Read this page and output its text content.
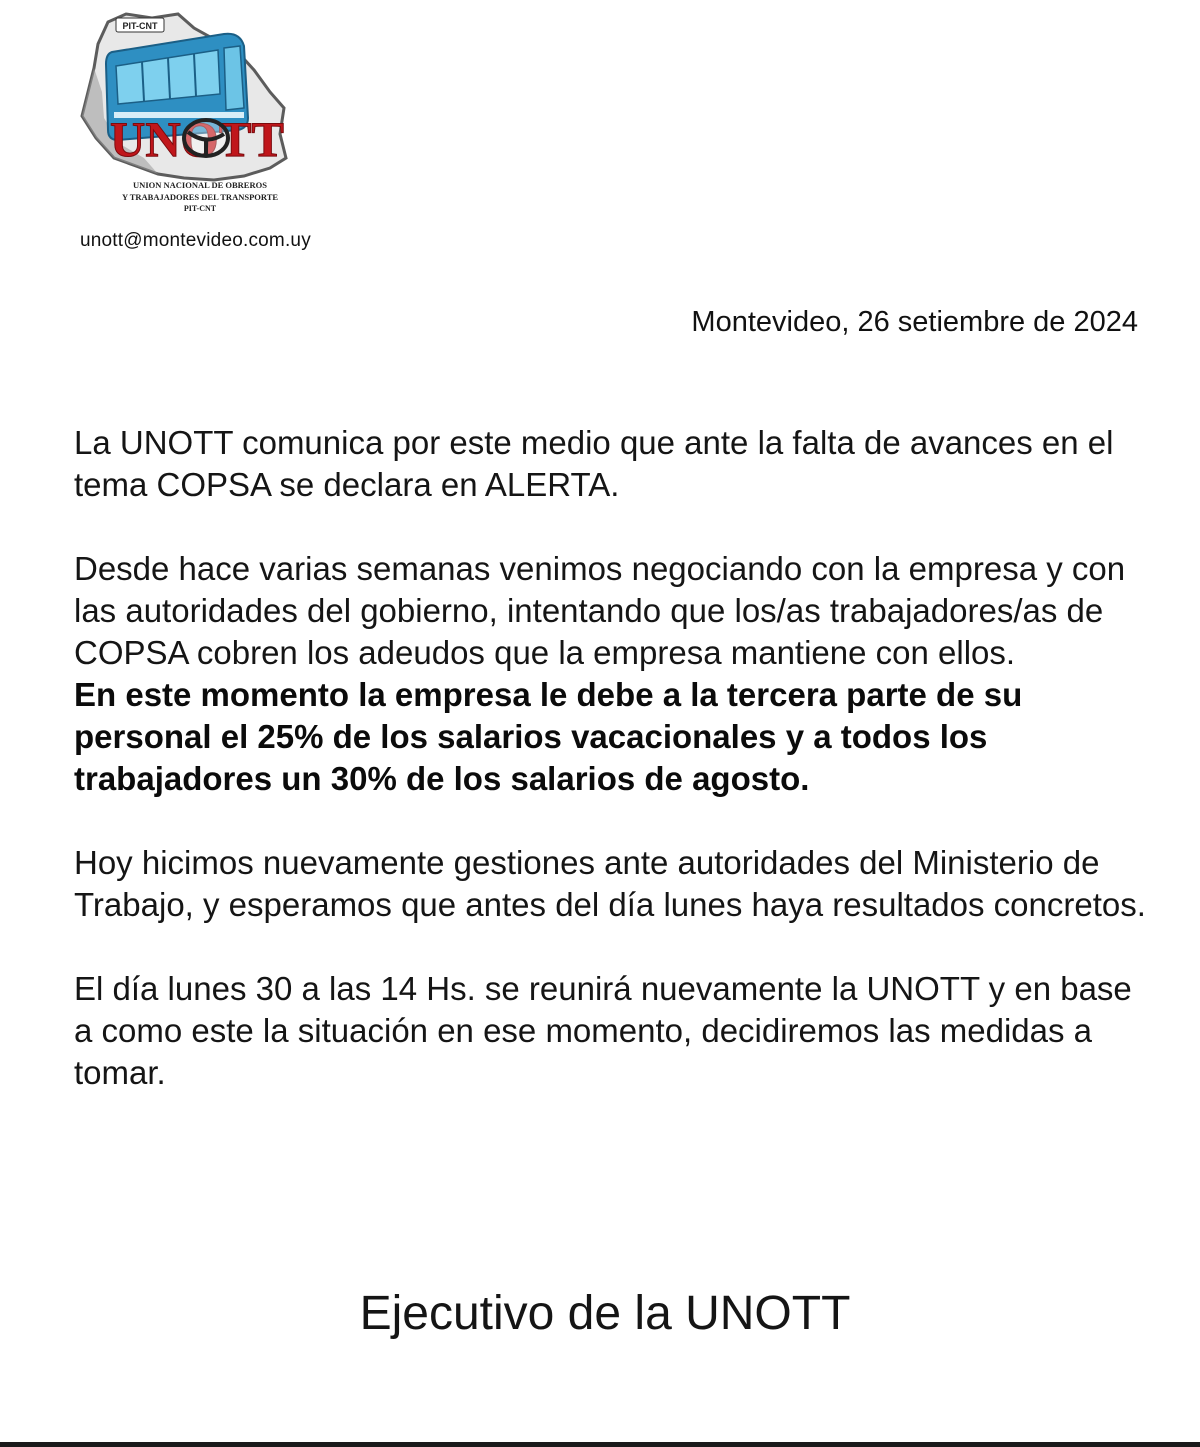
PIT-CNT
UNOTT
UNION NACIONAL DE OBREROS
Y TRABAJADORES DEL TRANSPORTE
PIT-CNT
unott@montevideo.com.uy
Montevideo, 26 setiembre de 2024

La UNOTT comunica por este medio que ante la falta de avances en el tema COPSA se declara en ALERTA.

Desde hace varias semanas venimos negociando con la empresa y con las autoridades del gobierno, intentando que los/as trabajadores/as de COPSA cobren los adeudos que la empresa mantiene con ellos.

En este momento la empresa le debe a la tercera parte de su personal el 25% de los salarios vacacionales y a todos los trabajadores un 30% de los salarios de agosto.

Hoy hicimos nuevamente gestiones ante autoridades del Ministerio de Trabajo, y esperamos que antes del día lunes haya resultados concretos.

El día lunes 30 a las 14 Hs. se reunirá nuevamente la UNOTT y en base a como este la situación en ese momento, decidiremos las medidas a tomar.

Ejecutivo de la UNOTT
